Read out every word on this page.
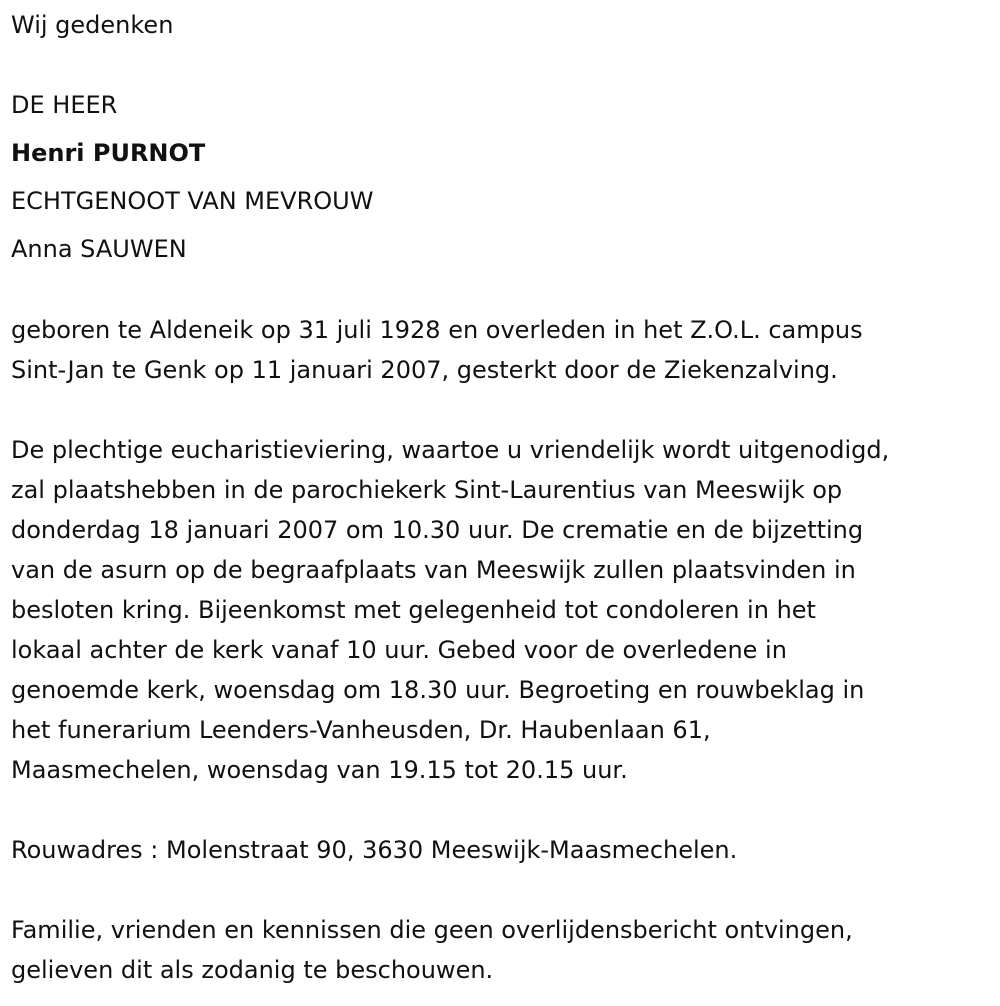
Wij gedenken
DE HEER
Henri PURNOT
ECHTGENOOT VAN MEVROUW
Anna SAUWEN
geboren te Aldeneik op 31 juli 1928 en overleden in het Z.O.L. campus
Sint-Jan te Genk op 11 januari 2007, gesterkt door de Ziekenzalving.
De plechtige eucharistieviering, waartoe u vriendelijk wordt uitgenodigd,
zal plaatshebben in de parochiekerk Sint-Laurentius van Meeswijk op
donderdag 18 januari 2007 om 10.30 uur. De crematie en de bijzetting
van de asurn op de begraafplaats van Meeswijk zullen plaatsvinden in
besloten kring. Bijeenkomst met gelegenheid tot condoleren in het
lokaal achter de kerk vanaf 10 uur. Gebed voor de overledene in
genoemde kerk, woensdag om 18.30 uur. Begroeting en rouwbeklag in
het funerarium Leenders-Vanheusden, Dr. Haubenlaan 61,
Maasmechelen, woensdag van 19.15 tot 20.15 uur.
Rouwadres : Molenstraat 90, 3630 Meeswijk-Maasmechelen.
Familie, vrienden en kennissen die geen overlijdensbericht ontvingen,
gelieven dit als zodanig te beschouwen.
